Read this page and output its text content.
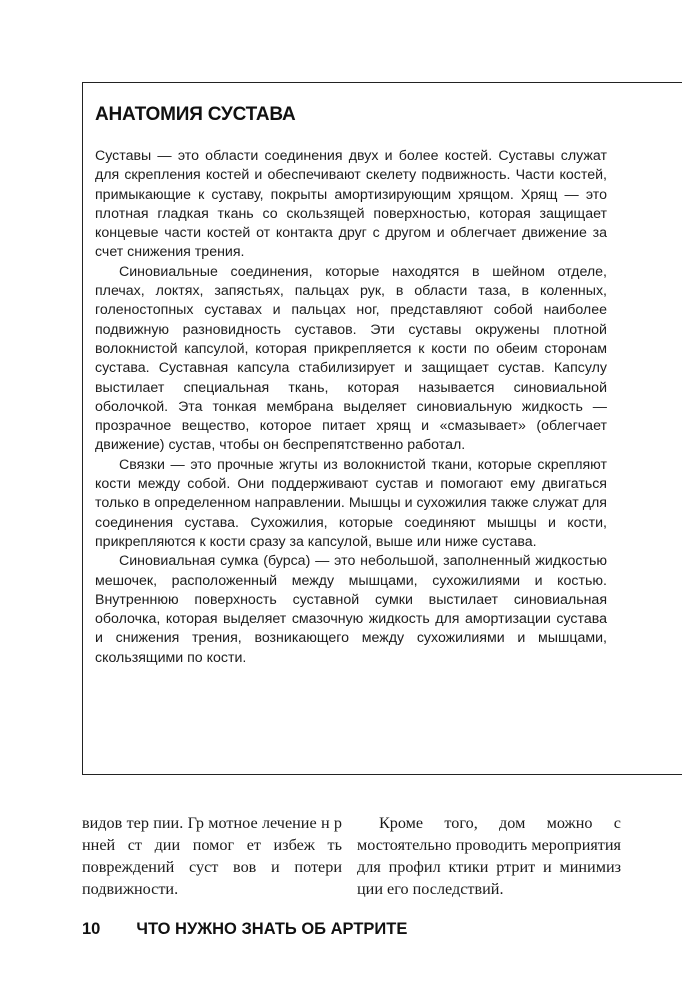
АНАТОМИЯ СУСТАВА

Суставы — это области соединения двух и более костей. Суставы служат для скрепления костей и обеспечивают скелету подвижность. Части костей, примыкающие к суставу, покрыты амортизирующим хрящом. Хрящ — это плотная гладкая ткань со скользящей поверхностью, которая защищает концевые части костей от контакта друг с другом и облегчает движение за счет снижения трения.

Синовиальные соединения, которые находятся в шейном отделе, плечах, локтях, запястьях, пальцах рук, в области таза, в коленных, голеностопных суставах и пальцах ног, представляют собой наиболее подвижную разновидность суставов. Эти суставы окружены плотной волокнистой капсулой, которая прикрепляется к кости по обеим сторонам сустава. Суставная капсула стабилизирует и защищает сустав. Капсулу выстилает специальная ткань, которая называется синовиальной оболочкой. Эта тонкая мембрана выделяет синовиальную жидкость — прозрачное вещество, которое питает хрящ и «смазывает» (облегчает движение) сустав, чтобы он беспрепятственно работал.

Связки — это прочные жгуты из волокнистой ткани, которые скрепляют кости между собой. Они поддерживают сустав и помогают ему двигаться только в определенном направлении. Мышцы и сухожилия также служат для соединения сустава. Сухожилия, которые соединяют мышцы и кости, прикрепляются к кости сразу за капсулой, выше или ниже сустава.

Синовиальная сумка (бурса) — это небольшой, заполненный жидкостью мешочек, расположенный между мышцами, сухожилиями и костью. Внутреннюю поверхность суставной сумки выстилает синовиальная оболочка, которая выделяет смазочную жидкость для амортизации сустава и снижения трения, возникающего между сухожилиями и мышцами, скользящими по кости.

видов тер пии. Гр мотное лечение н р нней ст дии помог ет избеж ть повреждений суст вов и потери подвижности.

Кроме того, дом можно с мостоятельно проводить мероприятия для профил ктики ртрит и минимиз ции его последствий.

10 ЧТО НУЖНО ЗНАТЬ ОБ АРТРИТЕ
